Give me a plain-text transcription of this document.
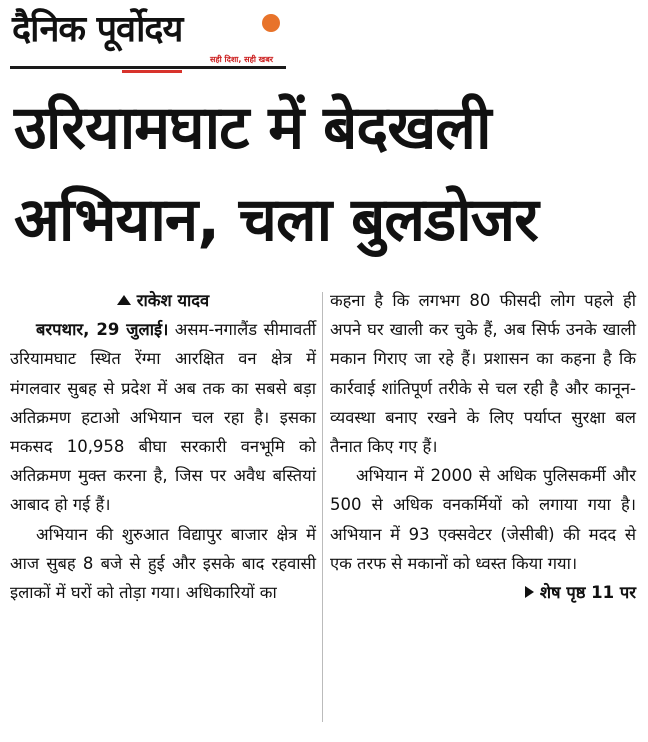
दैनिक पूर्वोदय
सही दिशा, सही खबर
उरियामघाट में बेदखली
अभियान, चला बुलडोजर
राकेश यादव

बरपथार, 29 जुलाई। असम-नगालैंड सीमावर्ती उरियामघाट स्थित रेंग्मा आरक्षित वन क्षेत्र में मंगलवार सुबह से प्रदेश में अब तक का सबसे बड़ा अतिक्रमण हटाओ अभियान चल रहा है। इसका मकसद 10,958 बीघा सरकारी वनभूमि को अतिक्रमण मुक्त करना है, जिस पर अवैध बस्तियां आबाद हो गई हैं।

अभियान की शुरुआत विद्यापुर बाजार क्षेत्र में आज सुबह 8 बजे से हुई और इसके बाद रहवासी इलाकों में घरों को तोड़ा गया। अधिकारियों का

कहना है कि लगभग 80 फीसदी लोग पहले ही अपने घर खाली कर चुके हैं, अब सिर्फ उनके खाली मकान गिराए जा रहे हैं। प्रशासन का कहना है कि कार्रवाई शांतिपूर्ण तरीके से चल रही है और कानून-व्यवस्था बनाए रखने के लिए पर्याप्त सुरक्षा बल तैनात किए गए हैं।

अभियान में 2000 से अधिक पुलिसकर्मी और 500 से अधिक वनकर्मियों को लगाया गया है। अभियान में 93 एक्सवेटर (जेसीबी) की मदद से एक तरफ से मकानों को ध्वस्त किया गया।
शेष पृष्ठ 11 पर
